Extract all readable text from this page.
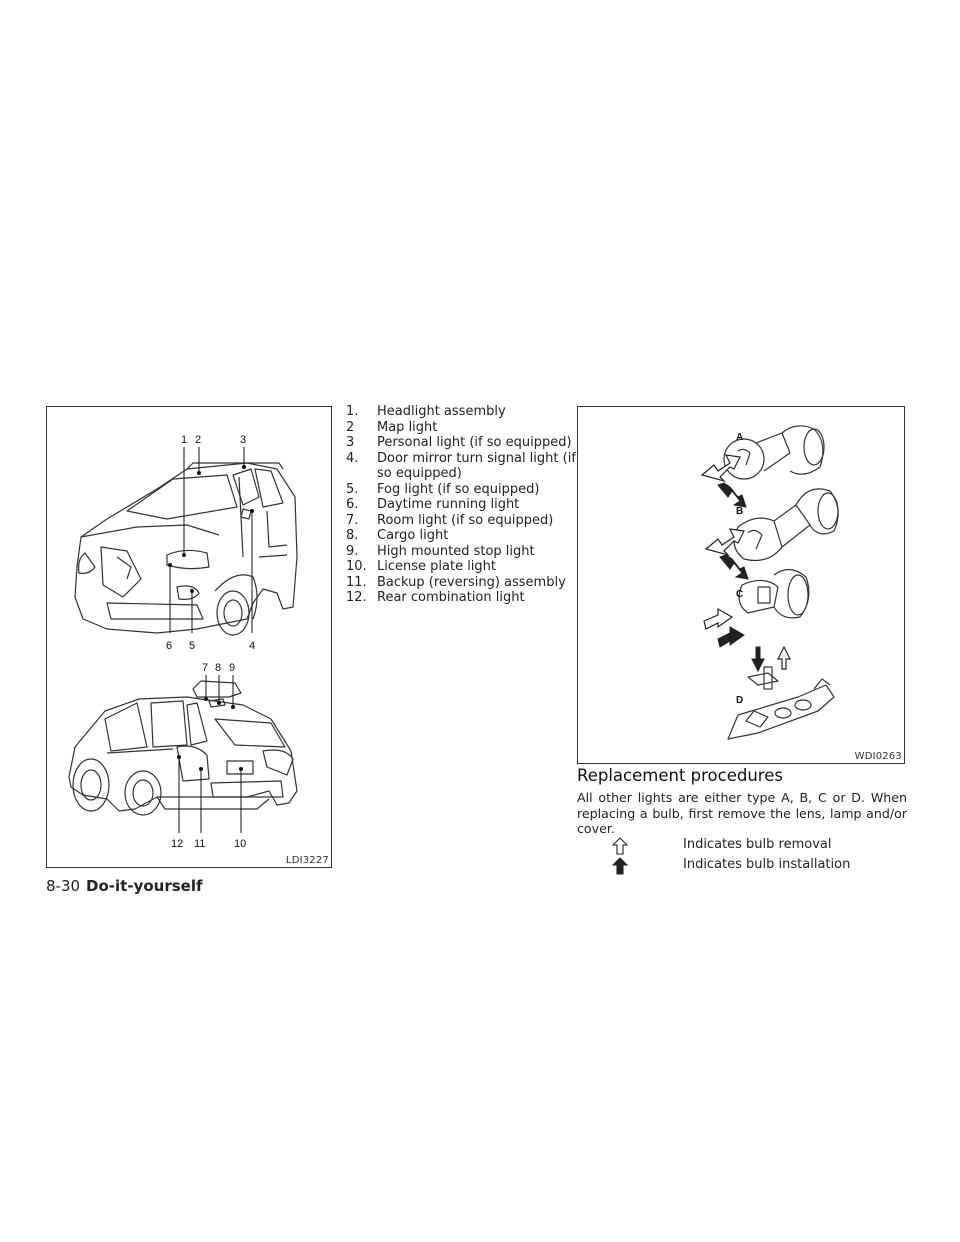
1 2	3
4
5
6
7 8 9
10
11
12
LDI3227
1. Headlight assembly
2 Map light
3 Personal light (if so equipped)
4. Door mirror turn signal light (if so equipped)
5. Fog light (if so equipped)
6. Daytime running light
7. Room light (if so equipped)
8. Cargo light
9. High mounted stop light
10. License plate light
11. Backup (reversing) assembly
12. Rear combination light
A
B
C
D
WDI0263
Replacement procedures

All other lights are either type A, B, C or D. When replacing a bulb, first remove the lens, lamp and/or cover.

Indicates bulb removal
Indicates bulb installation
8-30 Do-it-yourself
